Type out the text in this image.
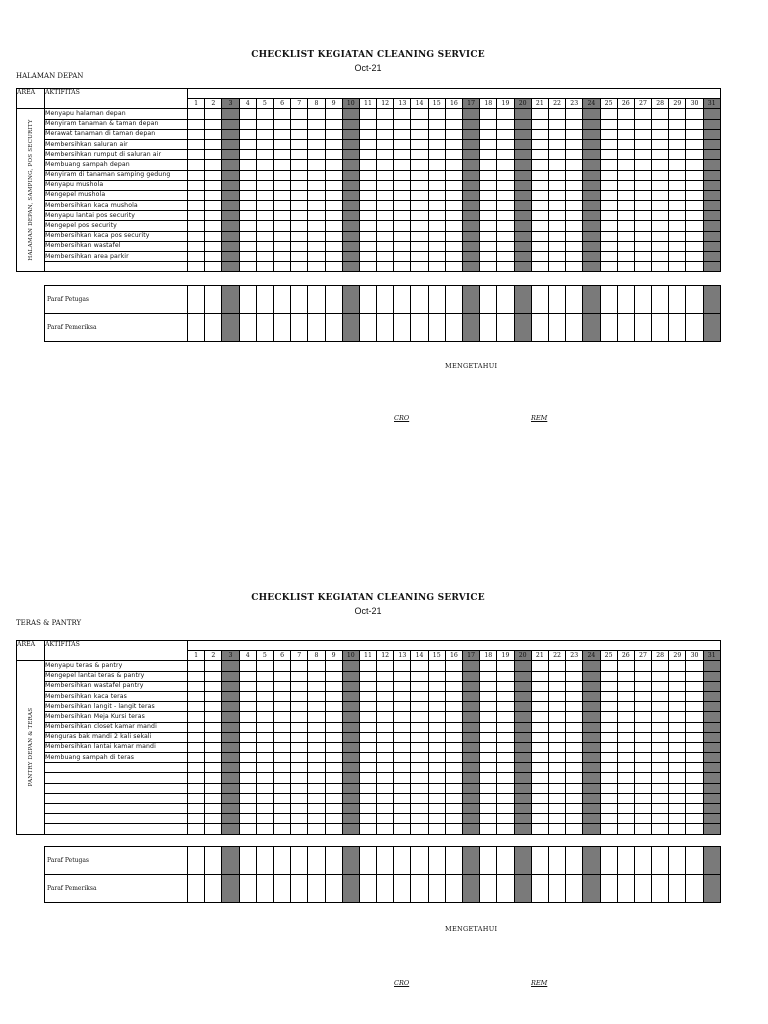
CHECKLIST KEGIATAN CLEANING SERVICE
Oct-21
HALAMAN DEPAN
AREA	AKTIFITAS																															
		1	2	3	4	5	6	7	8	9	10	11	12	13	14	15	16	17	18	19	20	21	22	23	24	25	26	27	28	29	30	31

HALAMAN DEPAN, SAMPING, POS SECURITY	Menyapu halaman depan																															
	Menyiram tanaman & taman depan																															
	Merawat tanaman di taman depan																															
	Membersihkan saluran air																															
	Membersihkan rumput di saluran air																															
	Membuang sampah depan																															
	Menyiram di tanaman samping gedung																															
	Menyapu mushola																															
	Mengepel mushola																															
	Membersihkan kaca mushola																															
	Menyapu lantai pos security																															
	Mengepel pos security																															
	Membersihkan kaca pos security																															
	Membersihkan wastafel																															
	Membersihkan area parkir																															

Paraf Petugas																															
Paraf Pemeriksa																															
MENGETAHUI
CRO	REM
CHECKLIST KEGIATAN CLEANING SERVICE
Oct-21
TERAS & PANTRY
AREA	AKTIFITAS																															
		1	2	3	4	5	6	7	8	9	10	11	12	13	14	15	16	17	18	19	20	21	22	23	24	25	26	27	28	29	30	31

PANTRY DEPAN & TERAS	Menyapu teras & pantry																															
	Mengepel lantai teras & pantry																															
	Membersihkan wastafel pantry																															
	Membersihkan kaca teras																															
	Membersihkan langit - langit teras																															
	Membersihkan Meja Kursi teras																															
	Membersihkan closet kamar mandi																															
	Menguras bak mandi 2 kali sekali																															
	Membersihkan lantai kamar mandi																															
	Membuang sampah di teras																															

Paraf Petugas																															
Paraf Pemeriksa																															
MENGETAHUI
CRO	REM
